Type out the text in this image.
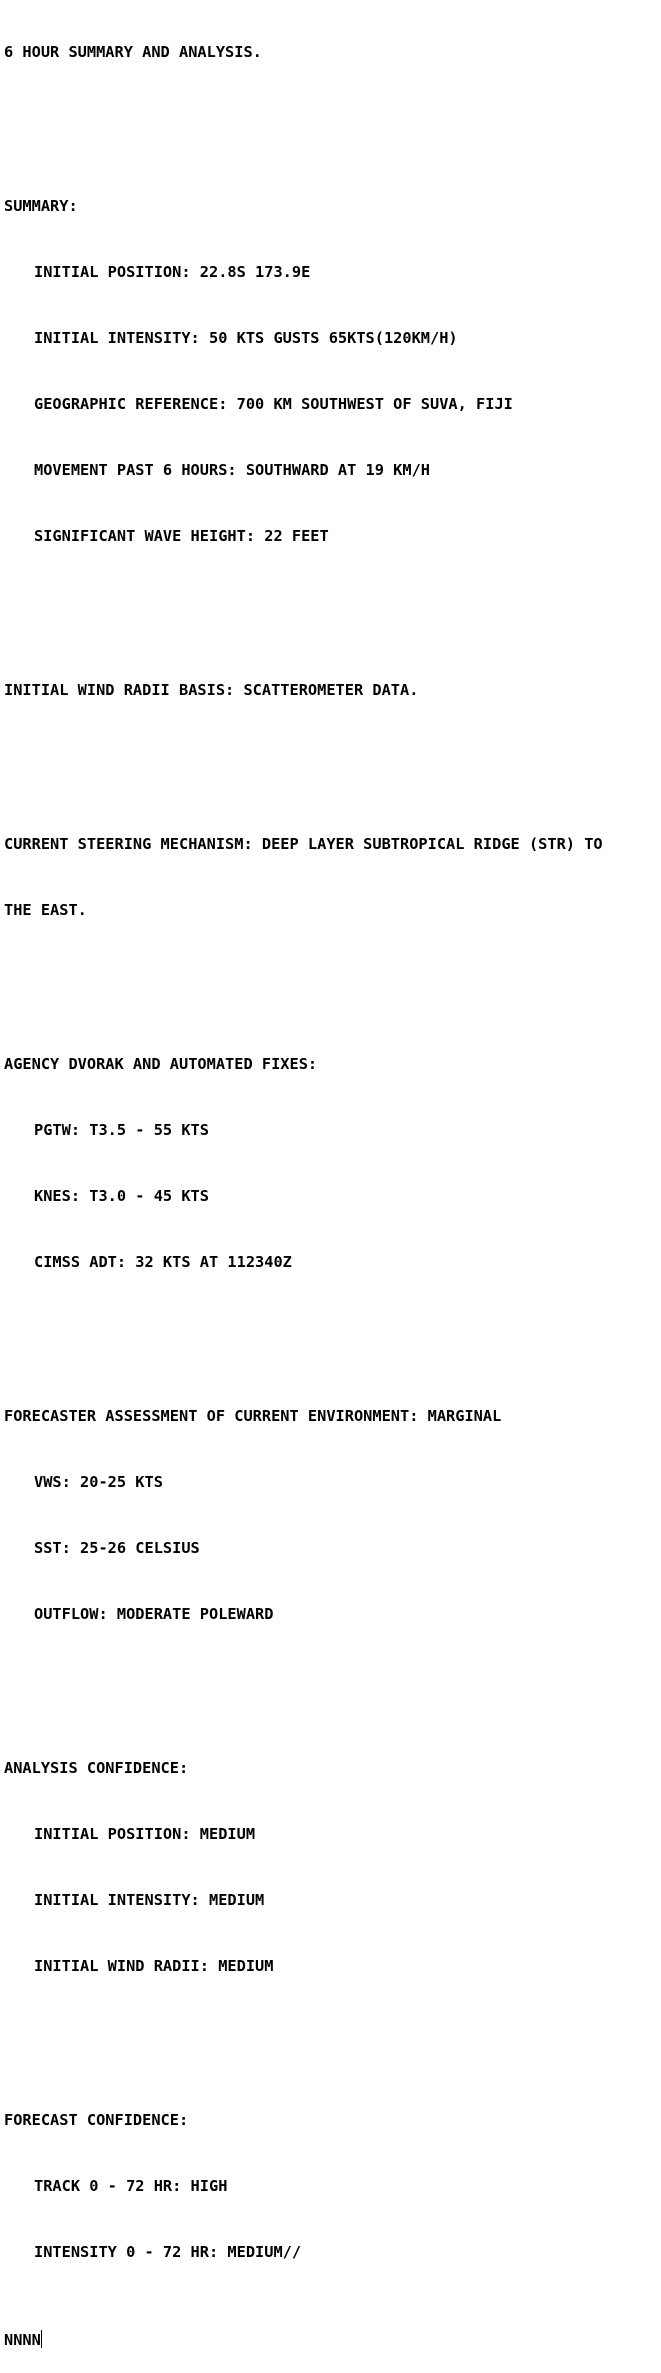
6 HOUR SUMMARY AND ANALYSIS.

SUMMARY:

INITIAL POSITION: 22.8S 173.9E

INITIAL INTENSITY: 50 KTS GUSTS 65KTS(120KM/H)

GEOGRAPHIC REFERENCE: 700 KM SOUTHWEST OF SUVA, FIJI

MOVEMENT PAST 6 HOURS: SOUTHWARD AT 19 KM/H

SIGNIFICANT WAVE HEIGHT: 22 FEET

INITIAL WIND RADII BASIS: SCATTEROMETER DATA.

CURRENT STEERING MECHANISM: DEEP LAYER SUBTROPICAL RIDGE (STR) TO

THE EAST.

AGENCY DVORAK AND AUTOMATED FIXES:

PGTW: T3.5 - 55 KTS

KNES: T3.0 - 45 KTS

CIMSS ADT: 32 KTS AT 112340Z

FORECASTER ASSESSMENT OF CURRENT ENVIRONMENT: MARGINAL

VWS: 20-25 KTS

SST: 25-26 CELSIUS

OUTFLOW: MODERATE POLEWARD

ANALYSIS CONFIDENCE:

INITIAL POSITION: MEDIUM

INITIAL INTENSITY: MEDIUM

INITIAL WIND RADII: MEDIUM

FORECAST CONFIDENCE:

TRACK 0 - 72 HR: HIGH

INTENSITY 0 - 72 HR: MEDIUM//

NNNN
